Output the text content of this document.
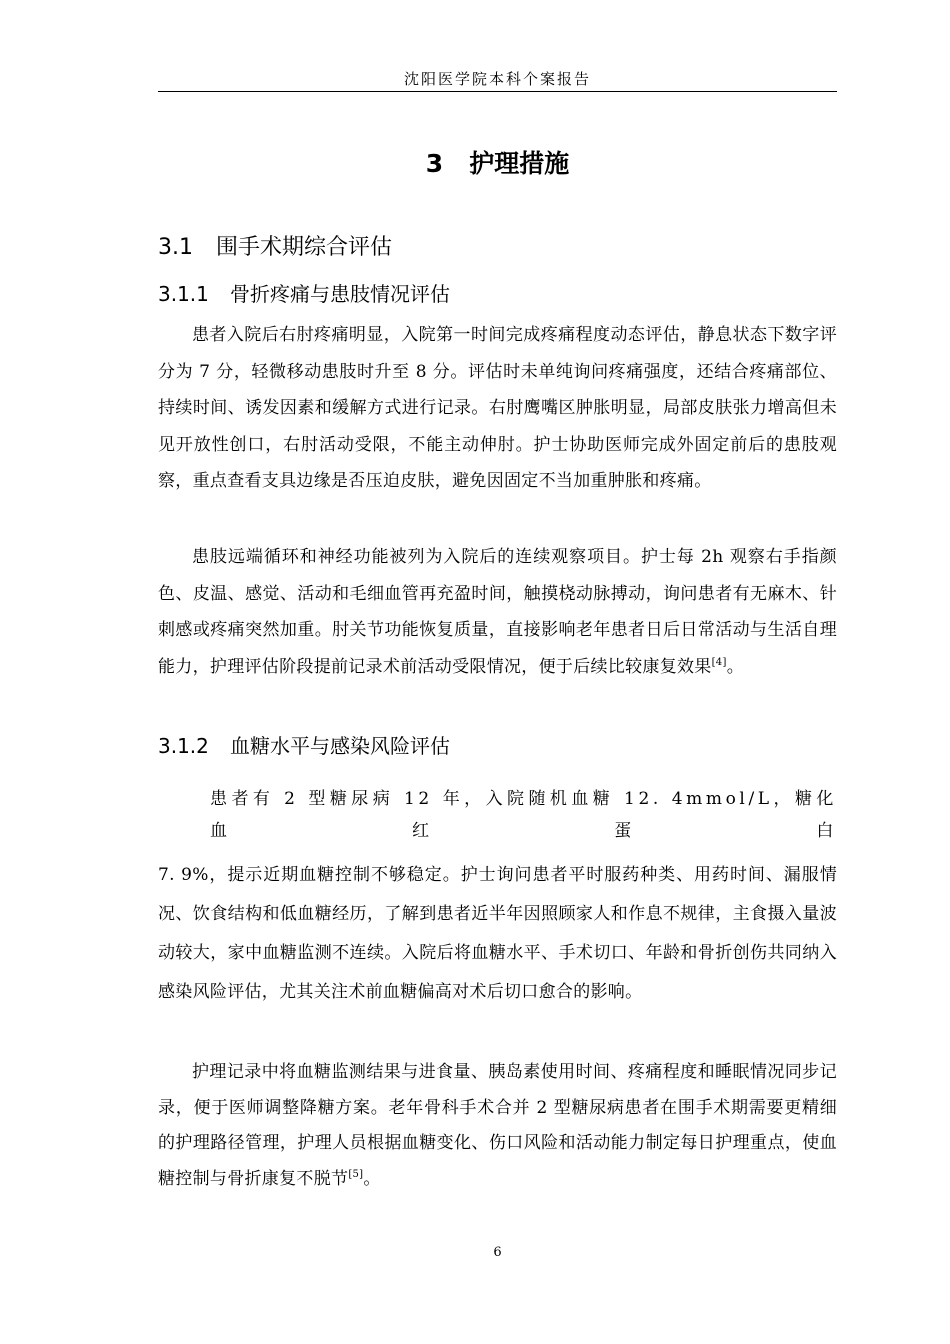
沈阳医学院本科个案报告
3 护理措施
3.1 围手术期综合评估
3.1.1 骨折疼痛与患肢情况评估

患者入院后右肘疼痛明显，入院第一时间完成疼痛程度动态评估，静息状态下数字评分为 7 分，轻微移动患肢时升至 8 分。评估时未单纯询问疼痛强度，还结合疼痛部位、持续时间、诱发因素和缓解方式进行记录。右肘鹰嘴区肿胀明显，局部皮肤张力增高但未见开放性创口，右肘活动受限，不能主动伸肘。护士协助医师完成外固定前后的患肢观察，重点查看支具边缘是否压迫皮肤，避免因固定不当加重肿胀和疼痛。

患肢远端循环和神经功能被列为入院后的连续观察项目。护士每 2h 观察右手指颜色、皮温、感觉、活动和毛细血管再充盈时间，触摸桡动脉搏动，询问患者有无麻木、针刺感或疼痛突然加重。肘关节功能恢复质量，直接影响老年患者日后日常活动与生活自理能力，护理评估阶段提前记录术前活动受限情况，便于后续比较康复效果[4]。

3.1.2 血糖水平与感染风险评估
患者有 2 型糖尿病 12 年，入院随机血糖 12. 4mmol/L，糖化血红蛋白

7. 9%，提示近期血糖控制不够稳定。护士询问患者平时服药种类、用药时间、漏服情况、饮食结构和低血糖经历，了解到患者近半年因照顾家人和作息不规律，主食摄入量波动较大，家中血糖监测不连续。入院后将血糖水平、手术切口、年龄和骨折创伤共同纳入感染风险评估，尤其关注术前血糖偏高对术后切口愈合的影响。

护理记录中将血糖监测结果与进食量、胰岛素使用时间、疼痛程度和睡眠情况同步记录，便于医师调整降糖方案。老年骨科手术合并 2 型糖尿病患者在围手术期需要更精细的护理路径管理，护理人员根据血糖变化、伤口风险和活动能力制定每日护理重点，使血糖控制与骨折康复不脱节[5]。

6
